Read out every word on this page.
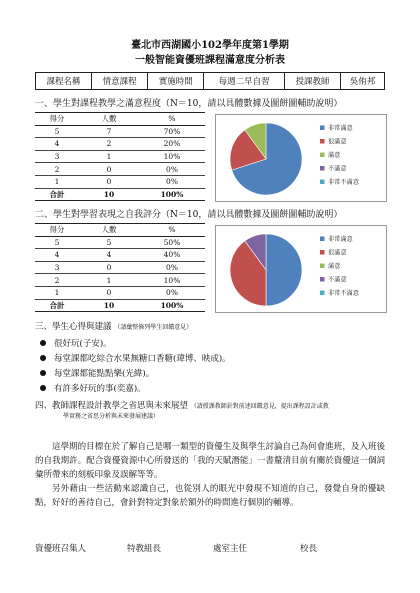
臺北市西湖國小102學年度第1學期
一般智能資優班課程滿意度分析表
課程名稱	情意課程	實施時間	每週二早自習	授課教師	吳侑邦
一、學生對課程教學之滿意程度（N＝10，請以具體數據及圖餅圖輔助說明）
得分	人數	%
5	7	70%
4	2	20%
3	1	10%
2	0	0%
1	0	0%
合計	10	100%
非常滿意
很滿意
滿意
不滿意
非常不滿意
二、學生對學習表現之自我評分（N＝10，請以具體數據及圖餅圖輔助說明）
得分	人數	%
5	5	50%
4	4	40%
3	0	0%
2	1	10%
1	0	0%
合計	10	100%
非常滿意
很滿意
滿意
不滿意
非常不滿意
三、學生心得與建議 （請彙整條列學生回饋意見）
很好玩(子安)。
每堂課都吃綜合水果無糖口香糖(瑋博、映成)。
每堂課都能點點樂(光緯)。
有許多好玩的事(奕嘉)。
四、教師課程設計教學之省思與未來展望 （請授課教師針對前述回饋意見，提出課程設計或教
學實務之省思分析與未來發展建議）

這學期的目標在於了解自己是哪一類型的資優生及與學生討論自己為何會進班，及入班後的自我期許。配合資優資源中心所發送的「我的天賦潛能」一書釐清目前有關於資優這一個詞彙所帶來的刻板印象及誤解等等。

另外藉由一些活動來認識自己，也從別人的眼光中發現不知道的自己，發覺自身的優缺點，好好的善待自己，會針對特定對象於額外的時間進行個別的輔導。

資優班召集人	特教組長	處室主任	校長
